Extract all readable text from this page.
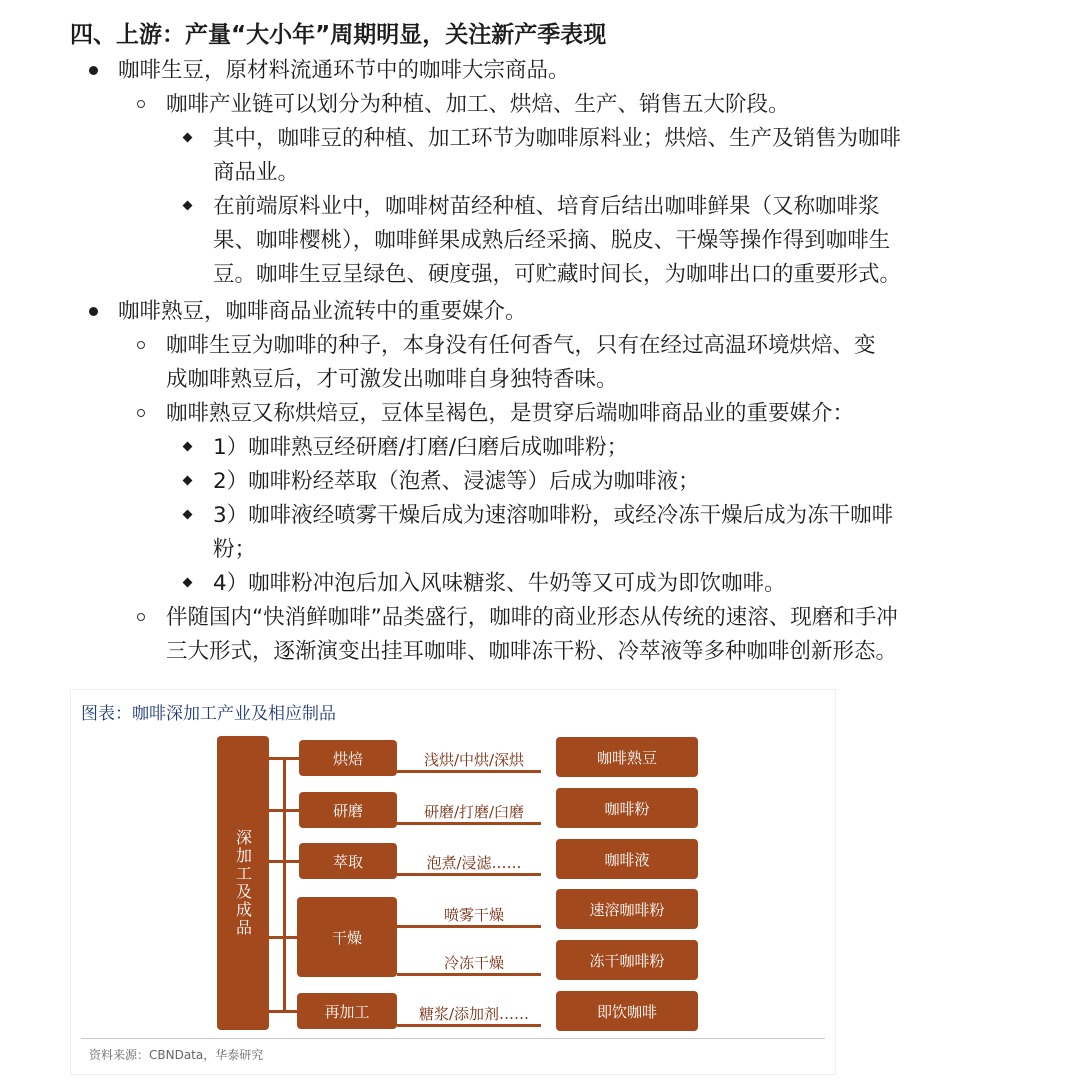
四、上游：产量“大小年”周期明显，关注新产季表现
咖啡生豆，原材料流通环节中的咖啡大宗商品。
咖啡产业链可以划分为种植、加工、烘焙、生产、销售五大阶段。
其中，咖啡豆的种植、加工环节为咖啡原料业；烘焙、生产及销售为咖啡
商品业。
在前端原料业中，咖啡树苗经种植、培育后结出咖啡鲜果（又称咖啡浆
果、咖啡樱桃），咖啡鲜果成熟后经采摘、脱皮、干燥等操作得到咖啡生
豆。咖啡生豆呈绿色、硬度强，可贮藏时间长，为咖啡出口的重要形式。
咖啡熟豆，咖啡商品业流转中的重要媒介。
咖啡生豆为咖啡的种子，本身没有任何香气，只有在经过高温环境烘焙、变
成咖啡熟豆后，才可激发出咖啡自身独特香味。
咖啡熟豆又称烘焙豆，豆体呈褐色，是贯穿后端咖啡商品业的重要媒介：
1）咖啡熟豆经研磨/打磨/臼磨后成咖啡粉；
2）咖啡粉经萃取（泡煮、浸滤等）后成为咖啡液；
3）咖啡液经喷雾干燥后成为速溶咖啡粉，或经冷冻干燥后成为冻干咖啡
粉；
4）咖啡粉冲泡后加入风味糖浆、牛奶等又可成为即饮咖啡。
伴随国内“快消鲜咖啡”品类盛行，咖啡的商业形态从传统的速溶、现磨和手冲
三大形式，逐渐演变出挂耳咖啡、咖啡冻干粉、冷萃液等多种咖啡创新形态。
图表：咖啡深加工产业及相应制品
深加工及成品
烘焙
研磨
萃取
干燥
再加工
浅烘/中烘/深烘
研磨/打磨/臼磨
泡煮/浸滤……
喷雾干燥
冷冻干燥
糖浆/添加剂……
咖啡熟豆
咖啡粉
咖啡液
速溶咖啡粉
冻干咖啡粉
即饮咖啡
资料来源：CBNData，华泰研究
